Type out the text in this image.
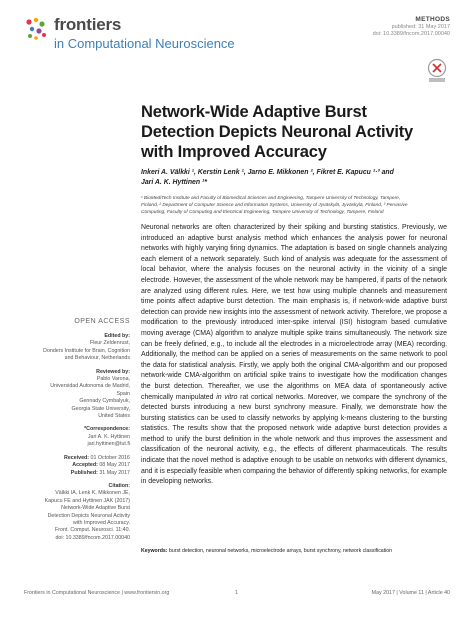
frontiers
in Computational Neuroscience
METHODS
published: 31 May 2017
doi: 10.3389/fncom.2017.00040
Network-Wide Adaptive Burst Detection Depicts Neuronal Activity with Improved Accuracy
Inkeri A. Välkki ¹, Kerstin Lenk ¹, Jarno E. Mikkonen ², Fikret E. Kapucu ¹·³ and
Jari A. K. Hyttinen ¹*
¹ BioMediTech Institute and Faculty of Biomedical Sciences and Engineering, Tampere University of Technology, Tampere,
Finland, ² Department of Computer Science and Information Systems, University of Jyväskylä, Jyväskylä, Finland, ³ Pervasive
Computing, Faculty of Computing and Electrical Engineering, Tampere University of Technology, Tampere, Finland

Neuronal networks are often characterized by their spiking and bursting statistics. Previously, we introduced an adaptive burst analysis method which enhances the analysis power for neuronal networks with highly varying firing dynamics. The adaptation is based on single channels analyzing each element of a network separately. Such kind of analysis was adequate for the assessment of local behavior, where the analysis focuses on the neuronal activity in the vicinity of a single electrode. However, the assessment of the whole network may be hampered, if parts of the network are analyzed using different rules. Here, we test how using multiple channels and measurement time points affect adaptive burst detection. The main emphasis is, if network-wide adaptive burst detection can provide new insights into the assessment of network activity. Therefore, we propose a modification to the previously introduced inter-spike interval (ISI) histogram based cumulative moving average (CMA) algorithm to analyze multiple spike trains simultaneously. The network size can be freely defined, e.g., to include all the electrodes in a microelectrode array (MEA) recording. Additionally, the method can be applied on a series of measurements on the same network to pool the data for statistical analysis. Firstly, we apply both the original CMA-algorithm and our proposed network-wide CMA-algorithm on artificial spike trains to investigate how the modification changes the burst detection. Thereafter, we use the algorithms on MEA data of spontaneously active chemically manipulated in vitro rat cortical networks. Moreover, we compare the synchrony of the detected bursts introducing a new burst synchrony measure. Finally, we demonstrate how the bursting statistics can be used to classify networks by applying k-means clustering to the bursting statistics. The results show that the proposed network wide adaptive burst detection provides a method to unify the burst definition in the whole network and thus improves the assessment and classification of the neuronal activity, e.g., the effects of different pharmaceuticals. The results indicate that the novel method is adaptive enough to be usable on networks with different dynamics, and it is especially feasible when comparing the behavior of differently spiking networks, for example in developing networks.

Keywords: burst detection, neuronal networks, microelectrode arrays, burst synchrony, network classification
OPEN ACCESS
Edited by:
Fleur Zeldenrust,
Donders Institute for Brain, Cognition
and Behaviour, Netherlands
Reviewed by:
Pablo Varona,
Universidad Autonoma de Madrid,
Spain
Gennady Cymbalyuk,
Georgia State University,
United States
*Correspondence:
Jari A. K. Hyttinen
jari.hyttinen@tut.fi
Received: 01 October 2016
Accepted: 08 May 2017
Published: 31 May 2017
Citation:
Välkki IA, Lenk K, Mikkonen JE,
Kapucu FE and Hyttinen JAK (2017)
Network-Wide Adaptive Burst
Detection Depicts Neuronal Activity
with Improved Accuracy.
Front. Comput. Neurosci. 11:40.
doi: 10.3389/fncom.2017.00040
Frontiers in Computational Neuroscience | www.frontiersin.org	1	May 2017 | Volume 11 | Article 40
